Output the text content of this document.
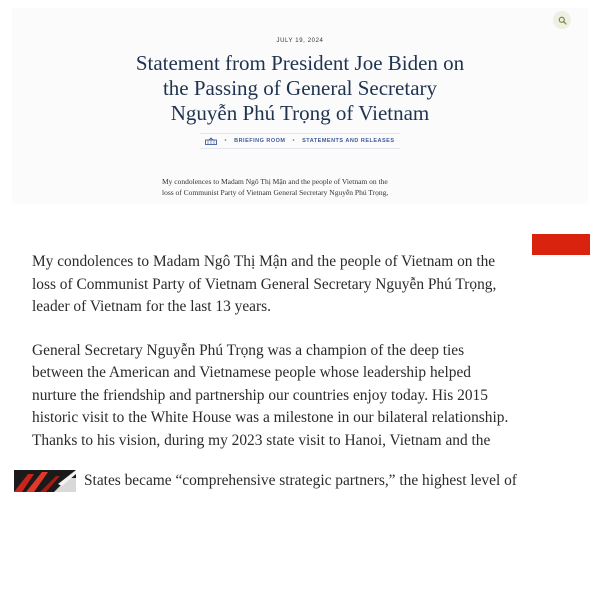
JULY 19, 2024
Statement from President Joe Biden on
the Passing of General Secretary
Nguyễn Phú Trọng of Vietnam
• BRIEFING ROOM • STATEMENTS AND RELEASES
My condolences to Madam Ngô Thị Mận and the people of Vietnam on the
loss of Communist Party of Vietnam General Secretary Nguyễn Phú Trọng,

My condolences to Madam Ngô Thị Mận and the people of Vietnam on the
loss of Communist Party of Vietnam General Secretary Nguyễn Phú Trọng,
leader of Vietnam for the last 13 years.

General Secretary Nguyễn Phú Trọng was a champion of the deep ties
between the American and Vietnamese people whose leadership helped
nurture the friendship and partnership our countries enjoy today. His 2015
historic visit to the White House was a milestone in our bilateral relationship.
Thanks to his vision, during my 2023 state visit to Hanoi, Vietnam and the

States became “comprehensive strategic partners,” the highest level of
